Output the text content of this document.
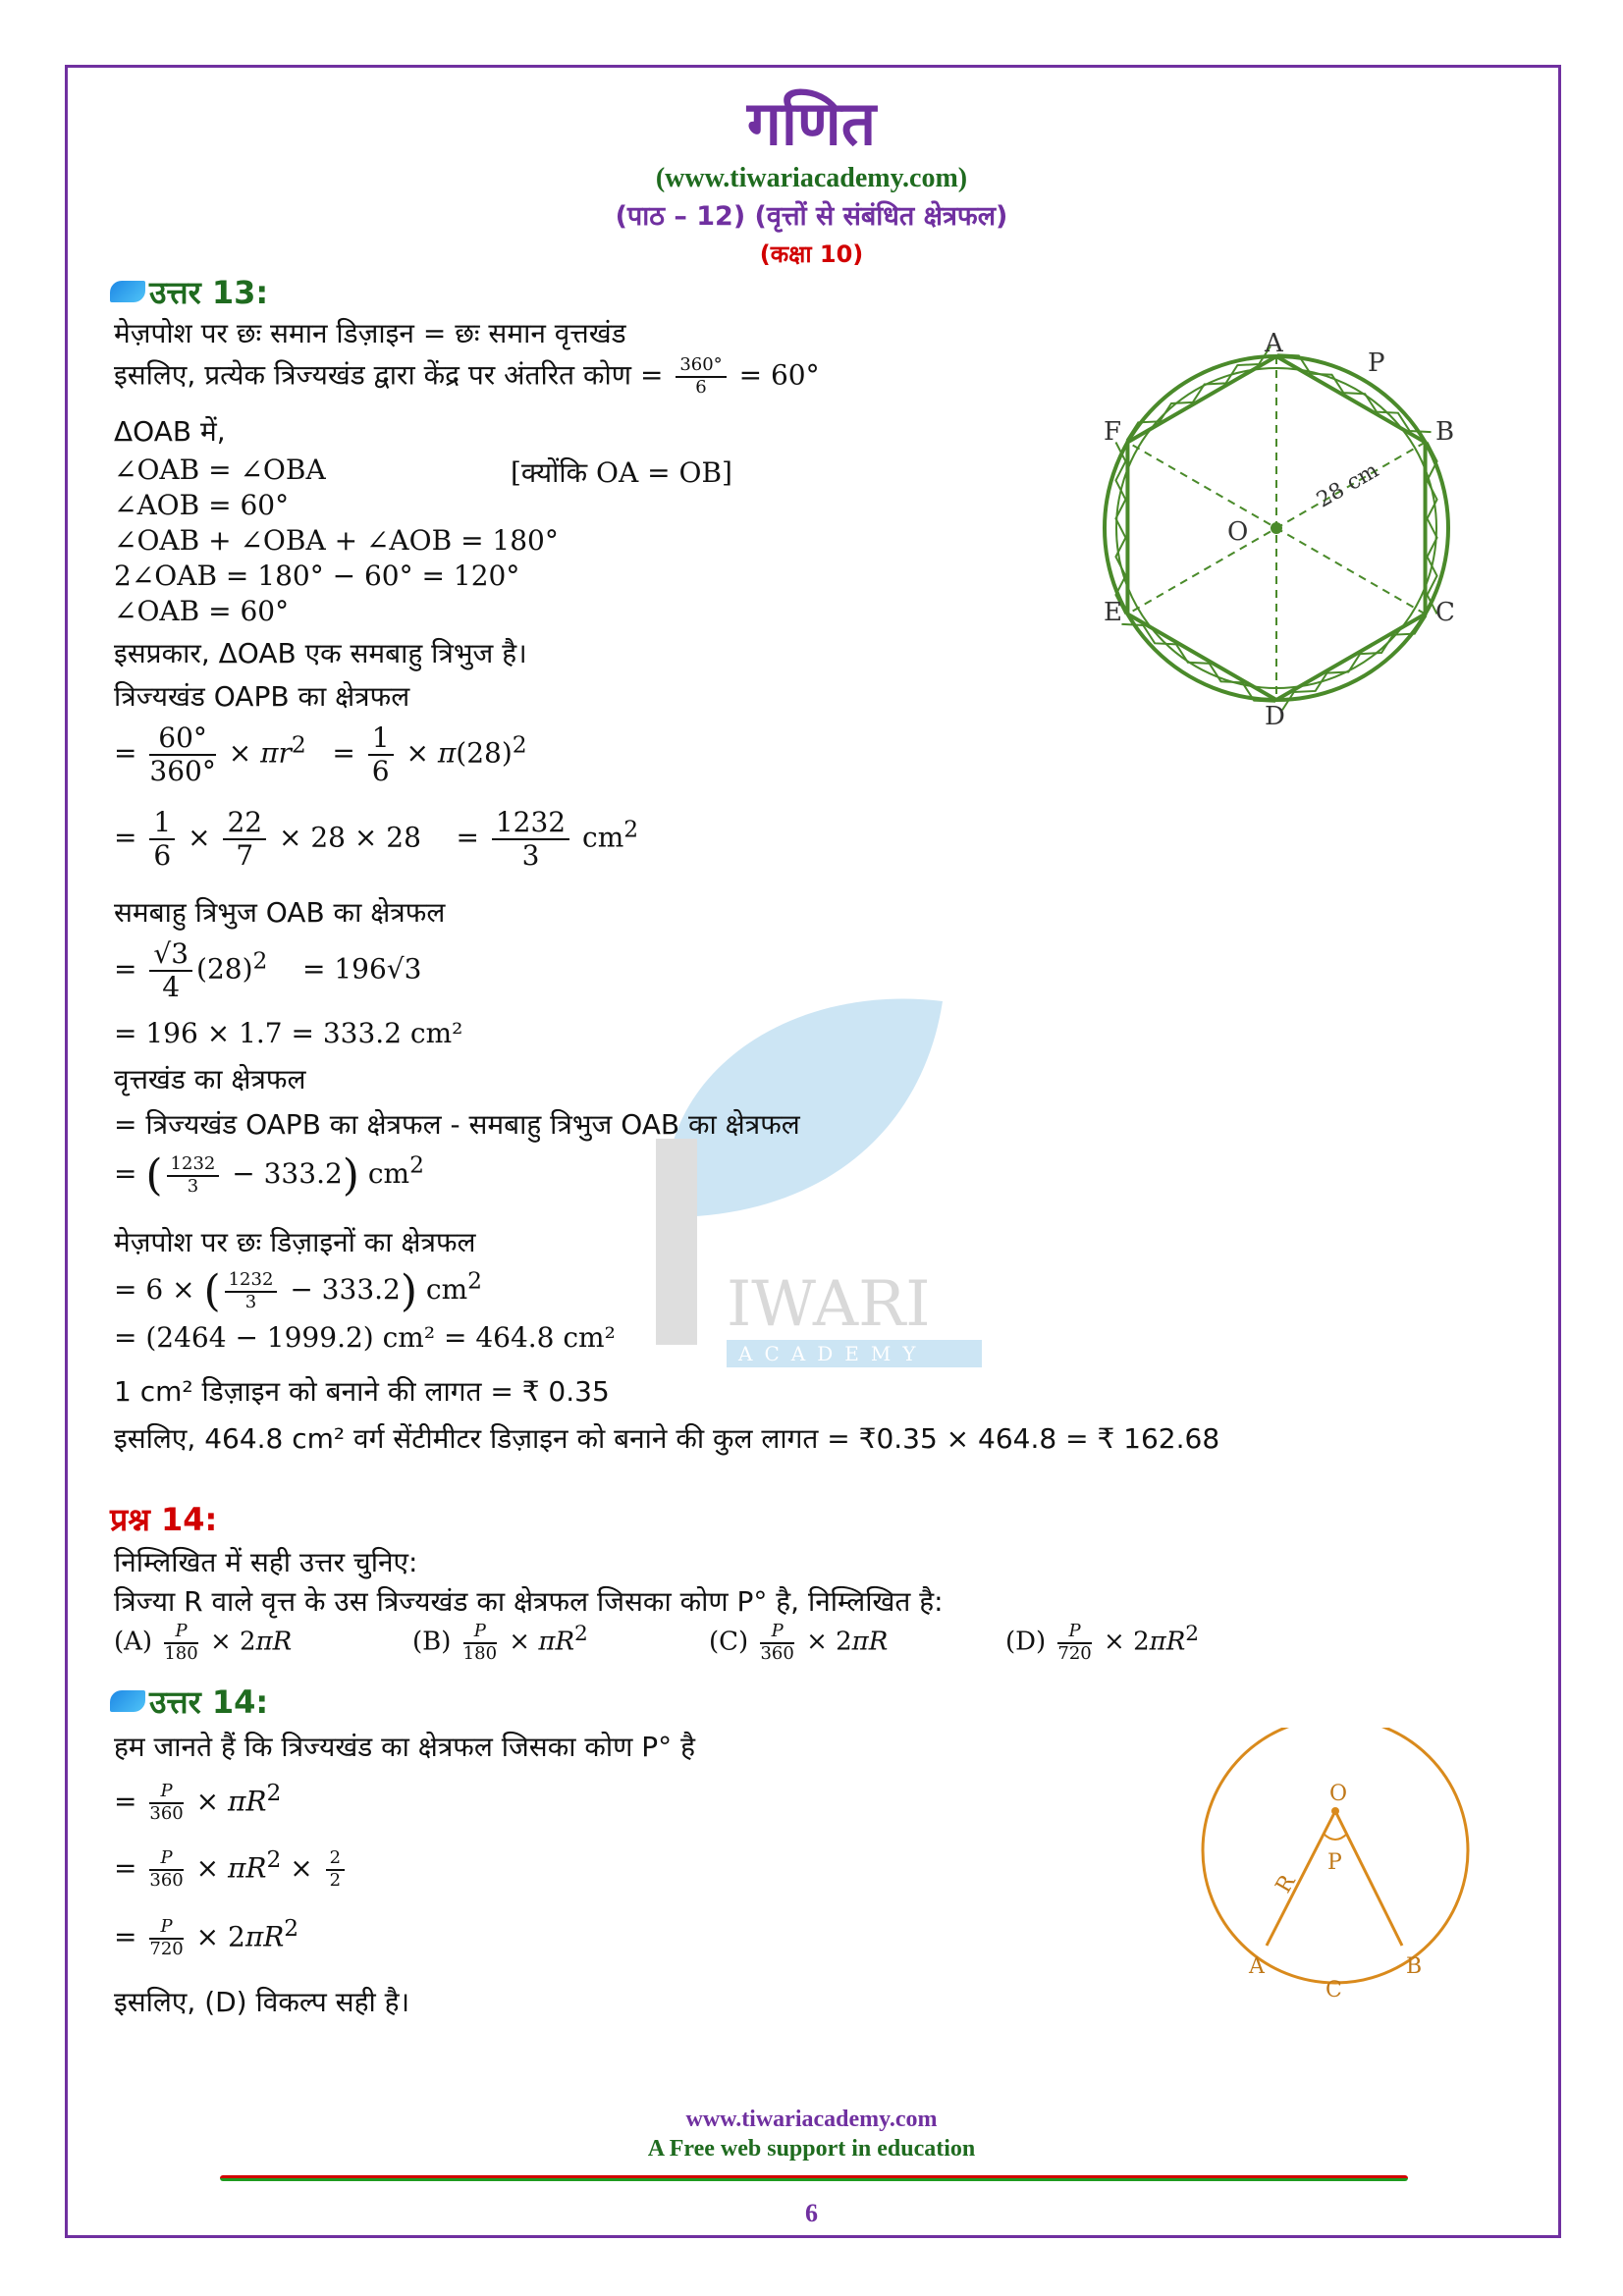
गणित
(www.tiwariacademy.com)
(पाठ – 12) (वृत्तों से संबंधित क्षेत्रफल)
(कक्षा 10)
IWARI
ACADEMY
उत्तर 13:
मेज़पोश पर छः समान डिज़ाइन = छः समान वृत्तखंड
इसलिए, प्रत्येक त्रिज्यखंड द्वारा केंद्र पर अंतरित कोण = $\frac{360^\circ}{6} = 60^\circ$
ΔOAB में,
∠OAB = ∠OBA	[क्योंकि OA = OB]
∠AOB = 60°
∠OAB + ∠OBA + ∠AOB = 180°
2∠OAB = 180° − 60° = 120°
∠OAB = 60°
इसप्रकार, ΔOAB एक समबाहु त्रिभुज है।
त्रिज्यखंड OAPB का क्षेत्रफल
= $\frac{60^\circ}{360^\circ} \times \pi r^2 = \frac{1}{6} \times \pi(28)^2$
= $\frac{1}{6} \times \frac{22}{7} \times 28 \times 28$    = $\frac{1232}{3} cm^2$
समबाहु त्रिभुज OAB का क्षेत्रफल
= $\frac{√3}{4} (28)^2$    = 196√3
= 196 × 1.7 = 333.2 cm²
वृत्तखंड का क्षेत्रफल
= त्रिज्यखंड OAPB का क्षेत्रफल - समबाहु त्रिभुज OAB का क्षेत्रफल
= ( $\frac{1232}{3} - 333.2$) $cm^2$
मेज़पोश पर छः डिज़ाइनों का क्षेत्रफल
= 6 × ( $\frac{1232}{3} - 333.2$) $cm^2$
= (2464 − 1999.2) cm² = 464.8 cm²
1 cm² डिज़ाइन को बनाने की लागत = ₹ 0.35
इसलिए, 464.8 cm² वर्ग सेंटीमीटर डिज़ाइन को बनाने की कुल लागत = ₹0.35 × 464.8 = ₹ 162.68
A
P
B
C
D
E
F
O
28 cm
प्रश्न 14:
निम्लिखित में सही उत्तर चुनिए:
त्रिज्या R वाले वृत्त के उस त्रिज्यखंड का क्षेत्रफल जिसका कोण P° है, निम्लिखित है:
$(A) \frac{P}{180} \times 2\pi R$	$(B) \frac{P}{180} \times \pi R^2$	$(C) \frac{P}{360} \times 2\pi R$	$(D) \frac{P}{720} \times 2\pi R^2$
उत्तर 14:
हम जानते हैं कि त्रिज्यखंड का क्षेत्रफल जिसका कोण P° है
= $\frac{P}{360} \times \pi R^2$
= $\frac{P}{360} \times \pi R^2 \times \frac{2}{2}$
= $\frac{P}{720} \times 2\pi R^2$
इसलिए, (D) विकल्प सही है।
O
P
R
A
C
B
www.tiwariacademy.com
A Free web support in education
6
